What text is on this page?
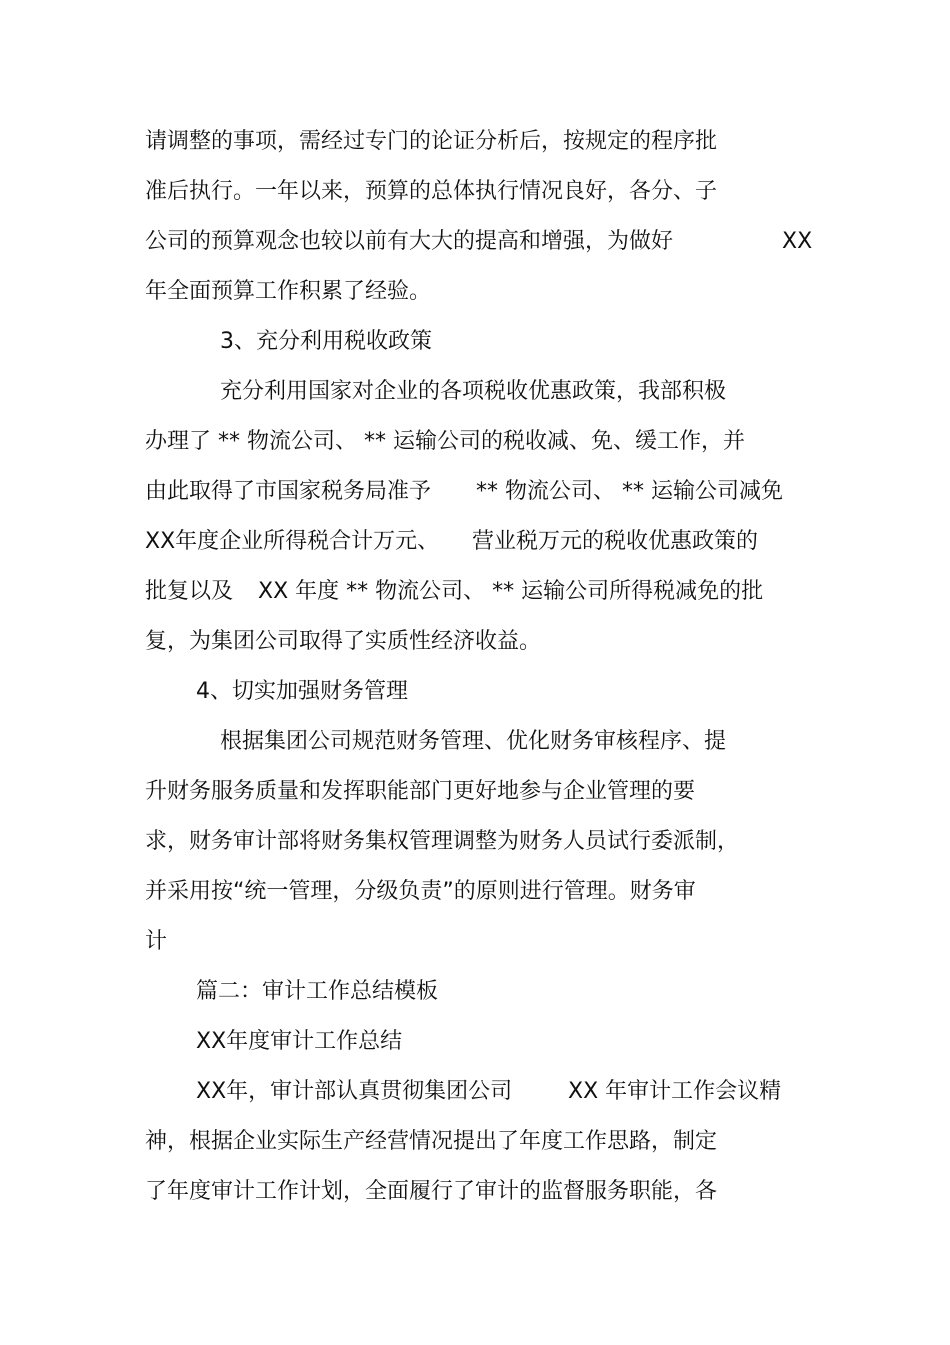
请调整的事项，需经过专门的论证分析后，按规定的程序批
准后执行。一年以来，预算的总体执行情况良好，各分、子
公司的预算观念也较以前有大大的提高和增强，为做好	XX
年全面预算工作积累了经验。
3、充分利用税收政策
充分利用国家对企业的各项税收优惠政策，我部积极
办理了 ** 物流公司、 ** 运输公司的税收减、免、缓工作，并
由此取得了市国家税务局准予 ** 物流公司、 ** 运输公司减免
XX年度企业所得税合计万元、 营业税万元的税收优惠政策的
批复以及 XX 年度 ** 物流公司、 ** 运输公司所得税减免的批
复，为集团公司取得了实质性经济收益。
4、切实加强财务管理
根据集团公司规范财务管理、优化财务审核程序、提
升财务服务质量和发挥职能部门更好地参与企业管理的要
求，财务审计部将财务集权管理调整为财务人员试行委派制，
并采用按“统一管理，分级负责”的原则进行管理。财务审
计
篇二：审计工作总结模板
XX年度审计工作总结
XX年，审计部认真贯彻集团公司	XX 年审计工作会议精
神，根据企业实际生产经营情况提出了年度工作思路，制定
了年度审计工作计划，全面履行了审计的监督服务职能，各
